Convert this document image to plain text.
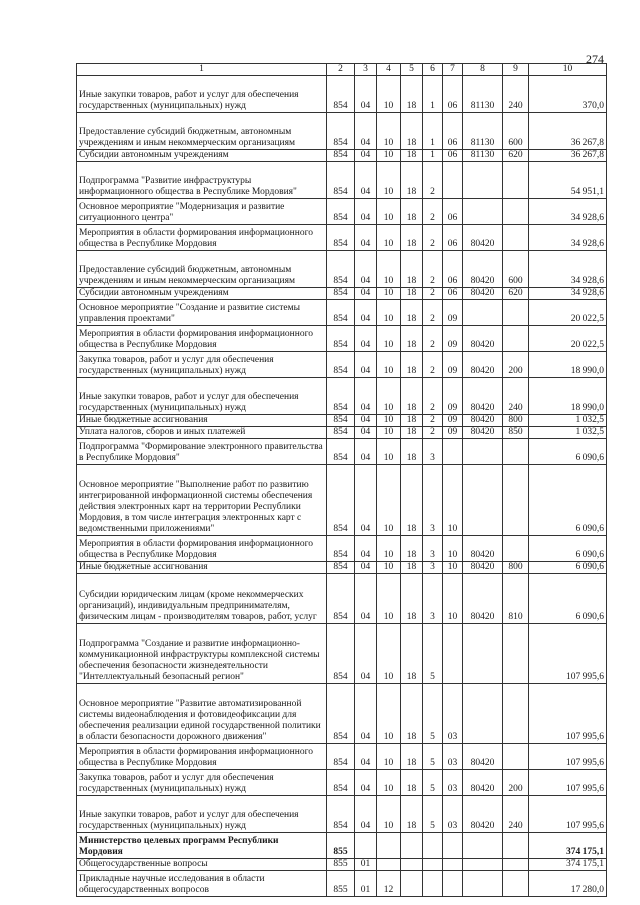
274
1	2	3	4	5	6	7	8	9	10
Иные закупки товаров, работ и услуг для обеспечения государственных (муниципальных) нужд	854	04	10	18	1	06	81130	240	370,0
Предоставление субсидий бюджетным, автономным учреждениям и иным некоммерческим организациям	854	04	10	18	1	06	81130	600	36 267,8
Субсидии автономным учреждениям	854	04	10	18	1	06	81130	620	36 267,8
Подпрограмма "Развитие инфраструктуры информационного общества в Республике Мордовия"	854	04	10	18	2				54 951,1
Основное мероприятие "Модернизация и развитие ситуационного центра"	854	04	10	18	2	06			34 928,6
Мероприятия в области формирования информационного общества в Республике Мордовия	854	04	10	18	2	06	80420		34 928,6
Предоставление субсидий бюджетным, автономным учреждениям и иным некоммерческим организациям	854	04	10	18	2	06	80420	600	34 928,6
Субсидии автономным учреждениям	854	04	10	18	2	06	80420	620	34 928,6
Основное мероприятие "Создание и развитие системы управления проектами"	854	04	10	18	2	09			20 022,5
Мероприятия в области формирования информационного общества в Республике Мордовия	854	04	10	18	2	09	80420		20 022,5
Закупка товаров, работ и услуг для обеспечения государственных (муниципальных) нужд	854	04	10	18	2	09	80420	200	18 990,0
Иные закупки товаров, работ и услуг для обеспечения государственных (муниципальных) нужд	854	04	10	18	2	09	80420	240	18 990,0
Иные бюджетные ассигнования	854	04	10	18	2	09	80420	800	1 032,5
Уплата налогов, сборов и иных платежей	854	04	10	18	2	09	80420	850	1 032,5
Подпрограмма "Формирование электронного правительства в Республике Мордовия"	854	04	10	18	3				6 090,6
Основное мероприятие "Выполнение работ по развитию интегрированной информационной системы обеспечения действия электронных карт на территории Республики Мордовия, в том числе интеграция электронных карт с ведомственными приложениями"	854	04	10	18	3	10			6 090,6
Мероприятия в области формирования информационного общества в Республике Мордовия	854	04	10	18	3	10	80420		6 090,6
Иные бюджетные ассигнования	854	04	10	18	3	10	80420	800	6 090,6
Субсидии юридическим лицам (кроме некоммерческих организаций), индивидуальным предпринимателям, физическим лицам - производителям товаров, работ, услуг	854	04	10	18	3	10	80420	810	6 090,6
Подпрограмма "Создание и развитие информационно-коммуникационной инфраструктуры комплексной системы обеспечения безопасности жизнедеятельности "Интеллектуальный безопасный регион"	854	04	10	18	5				107 995,6
Основное мероприятие "Развитие автоматизированной системы видеонаблюдения и фотовидеофиксации для обеспечения реализации единой государственной политики в области безопасности дорожного движения"	854	04	10	18	5	03			107 995,6
Мероприятия в области формирования информационного общества в Республике Мордовия	854	04	10	18	5	03	80420		107 995,6
Закупка товаров, работ и услуг для обеспечения государственных (муниципальных) нужд	854	04	10	18	5	03	80420	200	107 995,6
Иные закупки товаров, работ и услуг для обеспечения государственных (муниципальных) нужд	854	04	10	18	5	03	80420	240	107 995,6
Министерство целевых программ Республики Мордовия	855								374 175,1
Общегосударственные вопросы	855	01							374 175,1
Прикладные научные исследования в области общегосударственных вопросов	855	01	12						17 280,0
